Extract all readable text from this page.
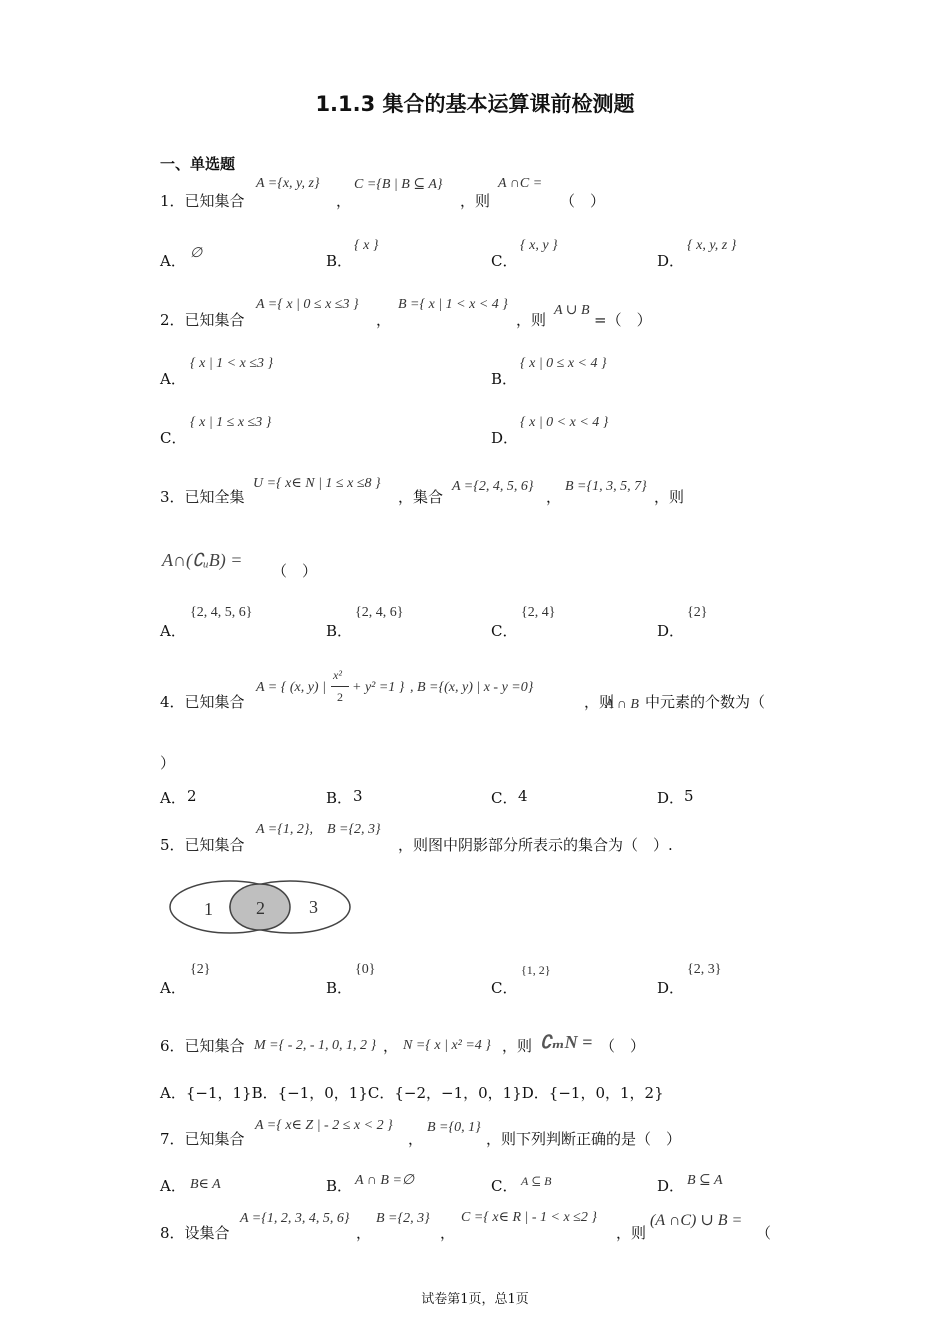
1.1.3 集合的基本运算课前检测题
一、单选题
1．已知集合
A ={x, y, z}
，
C ={B | B ⊆ A}
，则
A ∩C =
（　）
A． ∅	B．
{ x }
C．
{ x, y }
D．
{ x, y, z }
2．已知集合
A ={ x | 0 ≤ x ≤3 }
，
B ={ x | 1 < x < 4 }
，则
A ∪ B
=（　）
A．
{ x | 1 < x ≤3 }
B．
{ x | 0 ≤ x < 4 }
C．
{ x | 1 ≤ x ≤3 }
D．
{ x | 0 < x < 4 }
3．已知全集
U ={ x∈ N | 1 ≤ x ≤8 }
，集合
A ={2, 4, 5, 6}
，
B ={1, 3, 5, 7}
，则
A∩(∁ᵤB) =
（　）
A．
{2, 4, 5, 6}
B．
{2, 4, 6}
C．
{2, 4}
D．
{2}
4．已知集合
A = { (x, y) |
x²
2
+ y² =1 } , B ={(x, y) | x - y =0}
，则
A ∩ B 中元素的个数为（
）
A． 2	B． 3	C． 4	D． 5
5．已知集合
A ={1, 2},　B ={2, 3}
，则图中阴影部分所表示的集合为（　）.
1 2 3
A．
{2}
B．
{0}
C．
{1, 2}
D．
{2, 3}
6．已知集合 M ={ - 2, - 1, 0, 1, 2 } ， N ={ x | x² =4 } ，则 ∁ₘN = （　）
A．{−1，1}B．{−1，0，1}C．{−2，−1，0，1}D．{−1，0，1，2}
7．已知集合
A ={ x∈ Z | - 2 ≤ x < 2 }
，
B ={0, 1}
，则下列判断正确的是（　）
A． B∈ A	B． A ∩ B =∅	C． A ⊆ B	D． B ⊆ A
8．设集合
A ={1, 2, 3, 4, 5, 6}
，
B ={2, 3}
，
C ={ x∈ R | - 1 < x ≤2 }
，则
(A ∩C) ∪ B =
（
试卷第1页，总1页
